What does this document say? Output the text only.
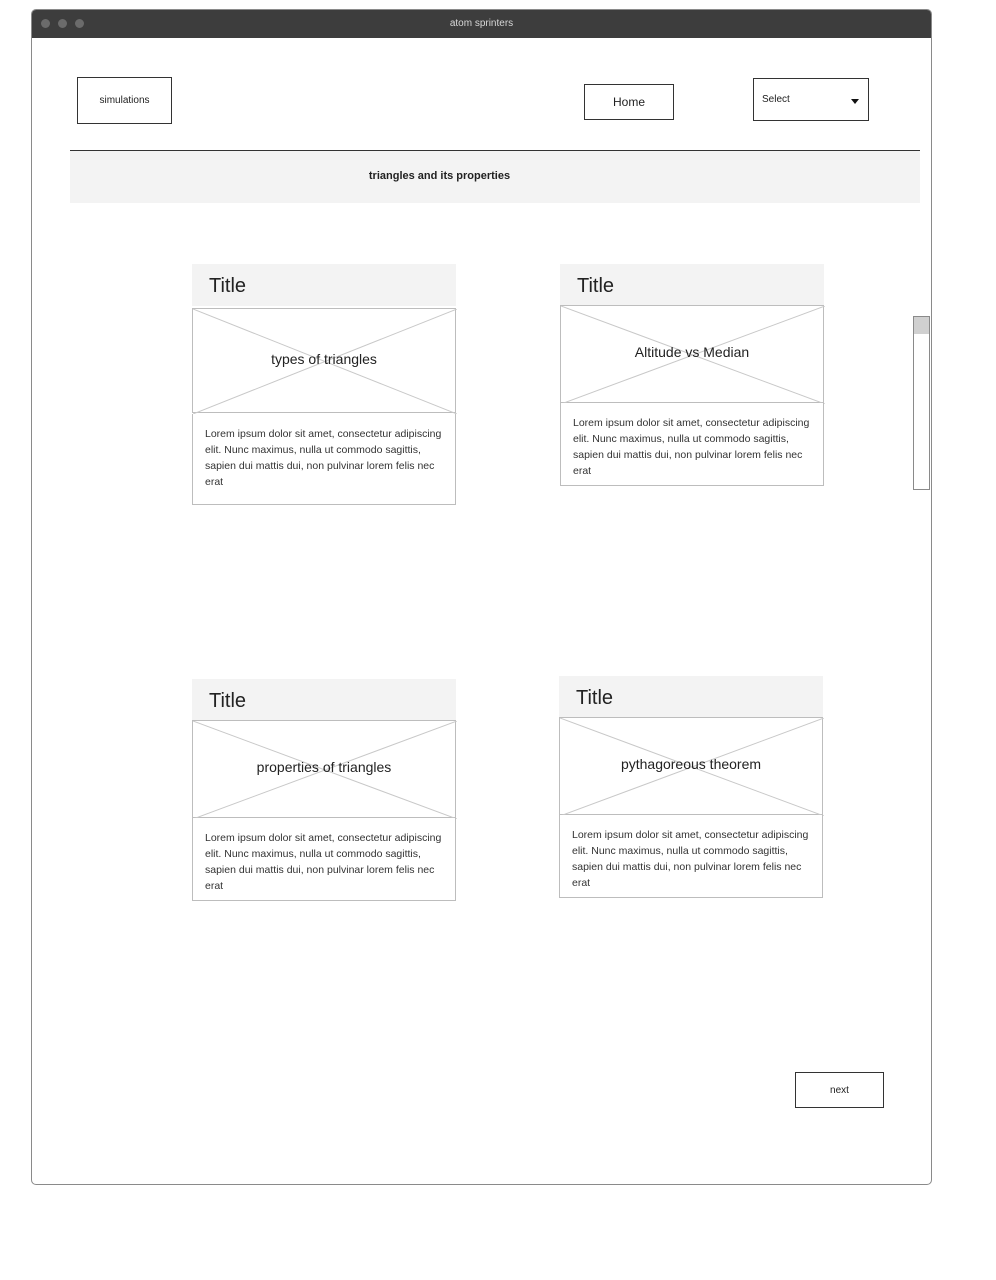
atom sprinters
simulations	Home	Select
triangles and its properties
Title
types of triangles
Lorem ipsum dolor sit amet, consectetur adipiscing elit. Nunc maximus, nulla ut commodo sagittis, sapien dui mattis dui, non pulvinar lorem felis nec erat
Title
Altitude vs Median
Lorem ipsum dolor sit amet, consectetur adipiscing elit. Nunc maximus, nulla ut commodo sagittis, sapien dui mattis dui, non pulvinar lorem felis nec erat
Title
properties of triangles
Lorem ipsum dolor sit amet, consectetur adipiscing elit. Nunc maximus, nulla ut commodo sagittis, sapien dui mattis dui, non pulvinar lorem felis nec erat
Title
pythagoreous theorem
Lorem ipsum dolor sit amet, consectetur adipiscing elit. Nunc maximus, nulla ut commodo sagittis, sapien dui mattis dui, non pulvinar lorem felis nec erat
next
